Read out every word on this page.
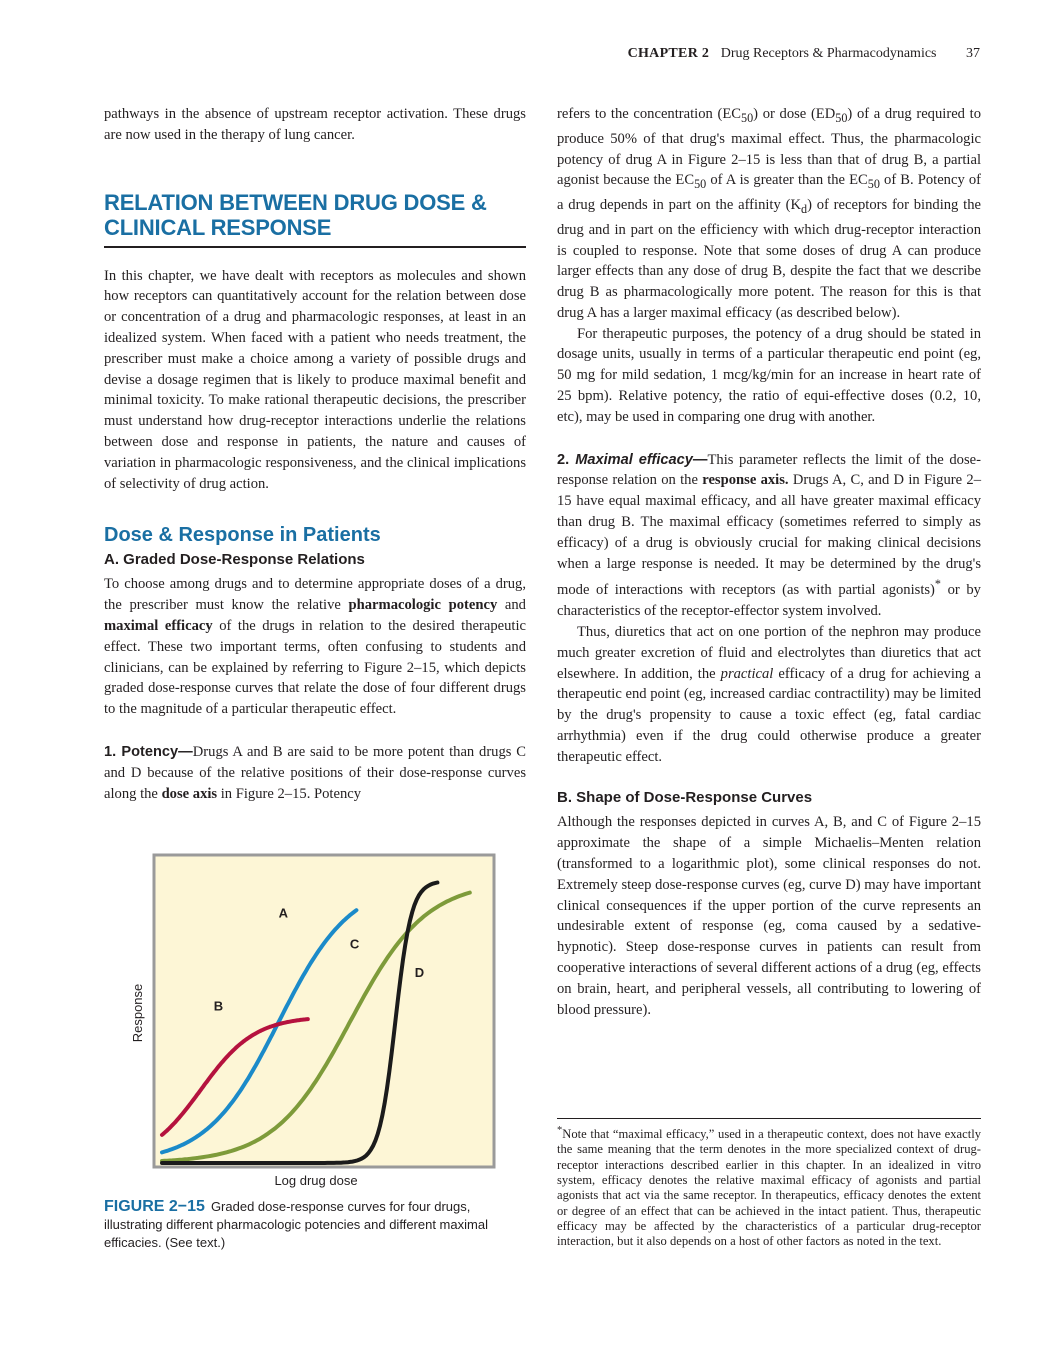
CHAPTER 2 Drug Receptors & Pharmacodynamics 37

pathways in the absence of upstream receptor activation. These drugs are now used in the therapy of lung cancer.

RELATION BETWEEN DRUG DOSE & CLINICAL RESPONSE

In this chapter, we have dealt with receptors as molecules and shown how receptors can quantitatively account for the relation between dose or concentration of a drug and pharmacologic responses, at least in an idealized system. When faced with a patient who needs treatment, the prescriber must make a choice among a variety of possible drugs and devise a dosage regimen that is likely to produce maximal benefit and minimal toxicity. To make rational therapeutic decisions, the prescriber must understand how drug-receptor interactions underlie the relations between dose and response in patients, the nature and causes of variation in pharmacologic responsiveness, and the clinical implications of selectivity of drug action.

Dose & Response in Patients
A. Graded Dose-Response Relations

To choose among drugs and to determine appropriate doses of a drug, the prescriber must know the relative pharmacologic potency and maximal efficacy of the drugs in relation to the desired therapeutic effect. These two important terms, often confusing to students and clinicians, can be explained by referring to Figure 2–15, which depicts graded dose-response curves that relate the dose of four different drugs to the magnitude of a particular therapeutic effect.

1. Potency—Drugs A and B are said to be more potent than drugs C and D because of the relative positions of their dose-response curves along the dose axis in Figure 2–15. Potency

refers to the concentration $(EC_{50})$ or dose $(ED_{50})$ of a drug required to produce 50% of that drug's maximal effect. Thus, the pharmacologic potency of drug A in Figure 2–15 is less than that of drug B, a partial agonist because the $EC_{50}$ of A is greater than the $EC_{50}$ of B. Potency of a drug depends in part on the affinity $(K_d)$ of receptors for binding the drug and in part on the efficiency with which drug-receptor interaction is coupled to response. Note that some doses of drug A can produce larger effects than any dose of drug B, despite the fact that we describe drug B as pharmacologically more potent. The reason for this is that drug A has a larger maximal efficacy (as described below).

For therapeutic purposes, the potency of a drug should be stated in dosage units, usually in terms of a particular therapeutic end point (eg, 50 mg for mild sedation, 1 mcg/kg/min for an increase in heart rate of 25 bpm). Relative potency, the ratio of equi-effective doses (0.2, 10, etc), may be used in comparing one drug with another.

2. Maximal efficacy—This parameter reflects the limit of the dose-response relation on the response axis. Drugs A, C, and D in Figure 2–15 have equal maximal efficacy, and all have greater maximal efficacy than drug B. The maximal efficacy (sometimes referred to simply as efficacy) of a drug is obviously crucial for making clinical decisions when a large response is needed. It may be determined by the drug's mode of interactions with receptors (as with partial agonists)* or by characteristics of the receptor-effector system involved.

Thus, diuretics that act on one portion of the nephron may produce much greater excretion of fluid and electrolytes than diuretics that act elsewhere. In addition, the practical efficacy of a drug for achieving a therapeutic end point (eg, increased cardiac contractility) may be limited by the drug's propensity to cause a toxic effect (eg, fatal cardiac arrhythmia) even if the drug could otherwise produce a greater therapeutic effect.

B. Shape of Dose-Response Curves

Although the responses depicted in curves A, B, and C of Figure 2–15 approximate the shape of a simple Michaelis–Menten relation (transformed to a logarithmic plot), some clinical responses do not. Extremely steep dose-response curves (eg, curve D) may have important clinical consequences if the upper portion of the curve represents an undesirable extent of response (eg, coma caused by a sedative-hypnotic). Steep dose-response curves in patients can result from cooperative interactions of several different actions of a drug (eg, effects on brain, heart, and peripheral vessels, all contributing to lowering of blood pressure).

*Note that “maximal efficacy,” used in a therapeutic context, does not have exactly the same meaning that the term denotes in the more specialized context of drug-receptor interactions described earlier in this chapter. In an idealized in vitro system, efficacy denotes the relative maximal efficacy of agonists and partial agonists that act via the same receptor. In therapeutics, efficacy denotes the extent or degree of an effect that can be achieved in the intact patient. Thus, therapeutic efficacy may be affected by the characteristics of a particular drug-receptor interaction, but it also depends on a host of other factors as noted in the text.

A
B
C
D
Log drug dose
Response
FIGURE 2−15 Graded dose-response curves for four drugs, illustrating different pharmacologic potencies and different maximal efficacies. (See text.)
